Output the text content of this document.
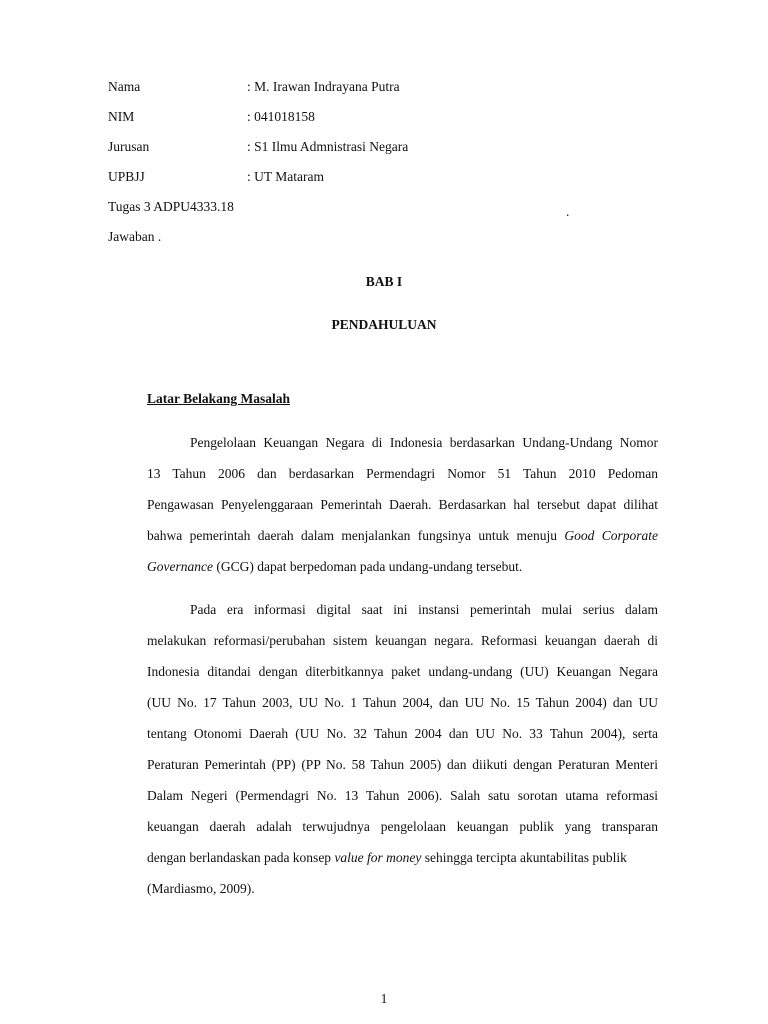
Nama	: M. Irawan Indrayana Putra
NIM	: 041018158
Jurusan	: S1 Ilmu Admnistrasi Negara
UPBJJ	: UT Mataram
Tugas 3 ADPU4333.18	.
Jawaban .
BAB I
PENDAHULUAN
Latar Belakang Masalah
Pengelolaan Keuangan Negara di Indonesia berdasarkan Undang-Undang Nomor
13 Tahun 2006 dan berdasarkan Permendagri Nomor 51 Tahun 2010 Pedoman
Pengawasan Penyelenggaraan Pemerintah Daerah. Berdasarkan hal tersebut dapat dilihat
bahwa pemerintah daerah dalam menjalankan fungsinya untuk menuju Good Corporate
Governance (GCG) dapat berpedoman pada undang-undang tersebut.
Pada era informasi digital saat ini instansi pemerintah mulai serius dalam
melakukan reformasi/perubahan sistem keuangan negara. Reformasi keuangan daerah di
Indonesia ditandai dengan diterbitkannya paket undang-undang (UU) Keuangan Negara
(UU No. 17 Tahun 2003, UU No. 1 Tahun 2004, dan UU No. 15 Tahun 2004) dan UU
tentang Otonomi Daerah (UU No. 32 Tahun 2004 dan UU No. 33 Tahun 2004), serta
Peraturan Pemerintah (PP) (PP No. 58 Tahun 2005) dan diikuti dengan Peraturan Menteri
Dalam Negeri (Permendagri No. 13 Tahun 2006). Salah satu sorotan utama reformasi
keuangan daerah adalah terwujudnya pengelolaan keuangan publik yang transparan
dengan berlandaskan pada konsep value for money sehingga tercipta akuntabilitas publik
(Mardiasmo, 2009).
1
